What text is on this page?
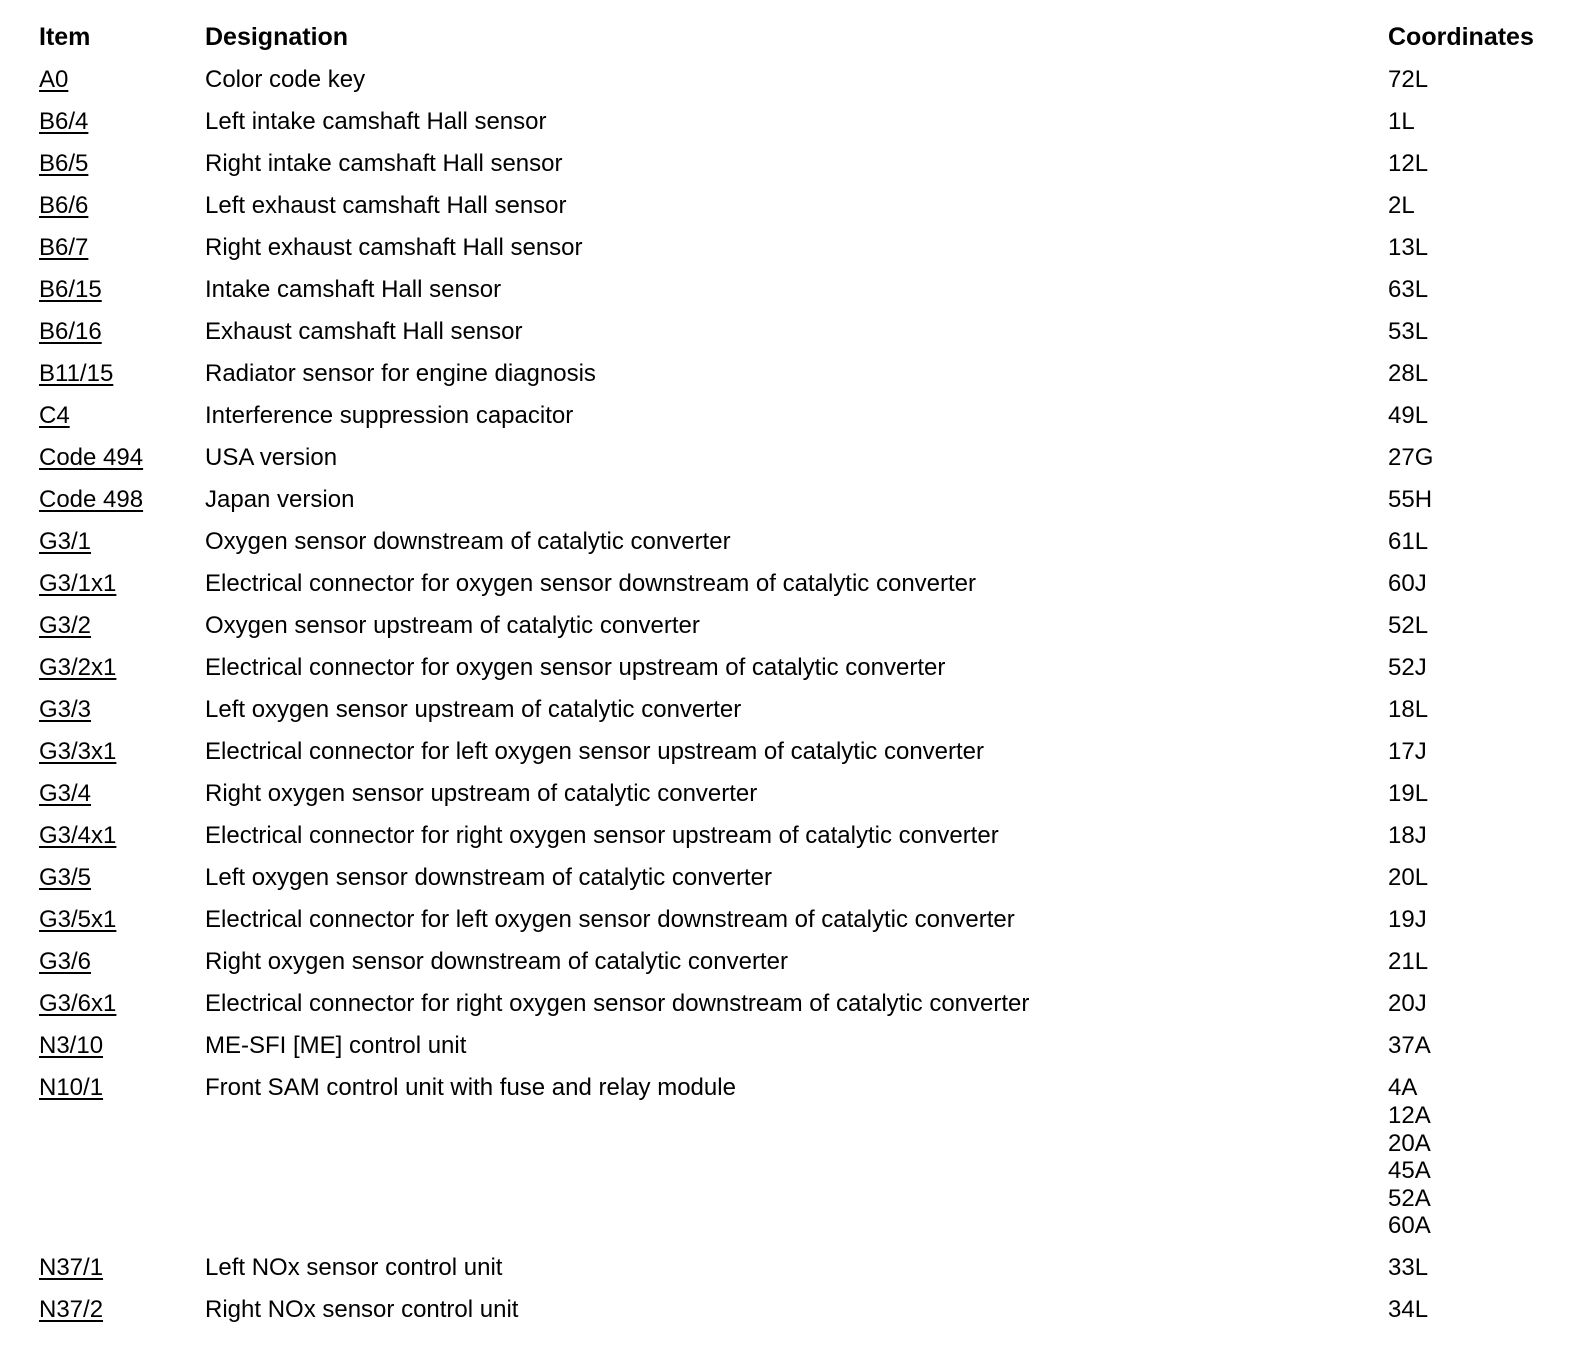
Item	Designation	Coordinates
A0	Color code key	72L
B6/4	Left intake camshaft Hall sensor	1L
B6/5	Right intake camshaft Hall sensor	12L
B6/6	Left exhaust camshaft Hall sensor	2L
B6/7	Right exhaust camshaft Hall sensor	13L
B6/15	Intake camshaft Hall sensor	63L
B6/16	Exhaust camshaft Hall sensor	53L
B11/15	Radiator sensor for engine diagnosis	28L
C4	Interference suppression capacitor	49L
Code 494	USA version	27G
Code 498	Japan version	55H
G3/1	Oxygen sensor downstream of catalytic converter	61L
G3/1x1	Electrical connector for oxygen sensor downstream of catalytic converter	60J
G3/2	Oxygen sensor upstream of catalytic converter	52L
G3/2x1	Electrical connector for oxygen sensor upstream of catalytic converter	52J
G3/3	Left oxygen sensor upstream of catalytic converter	18L
G3/3x1	Electrical connector for left oxygen sensor upstream of catalytic converter	17J
G3/4	Right oxygen sensor upstream of catalytic converter	19L
G3/4x1	Electrical connector for right oxygen sensor upstream of catalytic converter	18J
G3/5	Left oxygen sensor downstream of catalytic converter	20L
G3/5x1	Electrical connector for left oxygen sensor downstream of catalytic converter	19J
G3/6	Right oxygen sensor downstream of catalytic converter	21L
G3/6x1	Electrical connector for right oxygen sensor downstream of catalytic converter	20J
N3/10	ME-SFI [ME] control unit	37A
N10/1	Front SAM control unit with fuse and relay module	4A
12A
20A
45A
52A
60A
N37/1	Left NOx sensor control unit	33L
N37/2	Right NOx sensor control unit	34L
